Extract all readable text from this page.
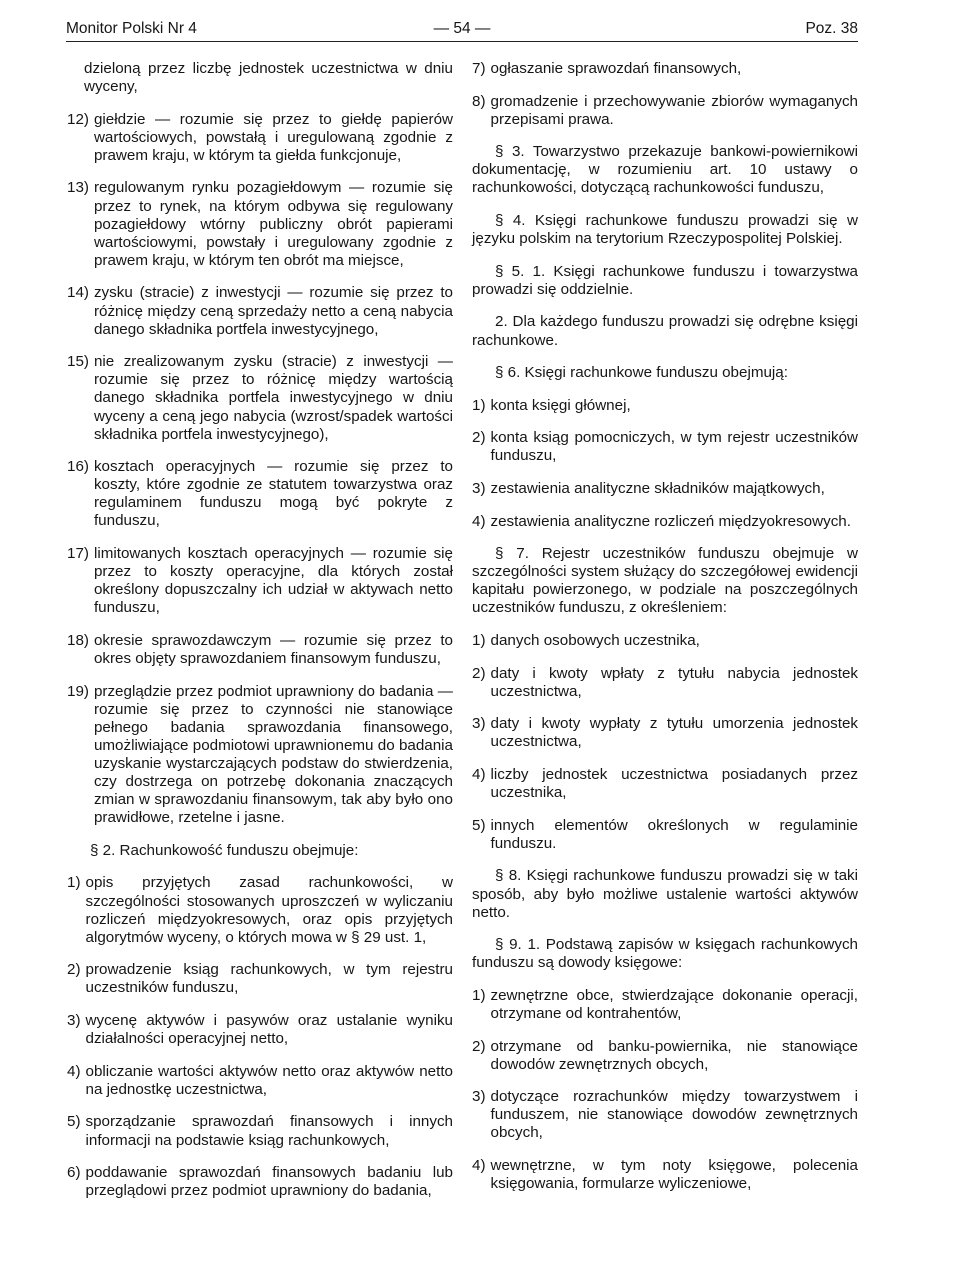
Monitor Polski Nr 4	— 54 —	Poz. 38

dzieloną przez liczbę jednostek uczestnictwa w dniu wyceny,

12) giełdzie — rozumie się przez to giełdę papierów wartościowych, powstałą i uregulowaną zgodnie z prawem kraju, w którym ta giełda funkcjonuje,
13) regulowanym rynku pozagiełdowym — rozumie się przez to rynek, na którym odbywa się regulowany pozagiełdowy wtórny publiczny obrót papierami wartościowymi, powstały i uregulowany zgodnie z prawem kraju, w którym ten obrót ma miejsce,
14) zysku (stracie) z inwestycji — rozumie się przez to różnicę między ceną sprzedaży netto a ceną nabycia danego składnika portfela inwestycyjnego,
15) nie zrealizowanym zysku (stracie) z inwestycji — rozumie się przez to różnicę między wartością danego składnika portfela inwestycyjnego w dniu wyceny a ceną jego nabycia (wzrost/spadek wartości składnika portfela inwestycyjnego),
16) kosztach operacyjnych — rozumie się przez to koszty, które zgodnie ze statutem towarzystwa oraz regulaminem funduszu mogą być pokryte z funduszu,
17) limitowanych kosztach operacyjnych — rozumie się przez to koszty operacyjne, dla których został określony dopuszczalny ich udział w aktywach netto funduszu,
18) okresie sprawozdawczym — rozumie się przez to okres objęty sprawozdaniem finansowym funduszu,
19) przeglądzie przez podmiot uprawniony do badania — rozumie się przez to czynności nie stanowiące pełnego badania sprawozdania finansowego, umożliwiające podmiotowi uprawnionemu do badania uzyskanie wystarczających podstaw do stwierdzenia, czy dostrzega on potrzebę dokonania znaczących zmian w sprawozdaniu finansowym, tak aby było ono prawidłowe, rzetelne i jasne.

§ 2. Rachunkowość funduszu obejmuje:

1) opis przyjętych zasad rachunkowości, w szczególności stosowanych uproszczeń w wyliczaniu rozliczeń międzyokresowych, oraz opis przyjętych algorytmów wyceny, o których mowa w § 29 ust. 1,
2) prowadzenie ksiąg rachunkowych, w tym rejestru uczestników funduszu,
3) wycenę aktywów i pasywów oraz ustalanie wyniku działalności operacyjnej netto,
4) obliczanie wartości aktywów netto oraz aktywów netto na jednostkę uczestnictwa,
5) sporządzanie sprawozdań finansowych i innych informacji na podstawie ksiąg rachunkowych,
6) poddawanie sprawozdań finansowych badaniu lub przeglądowi przez podmiot uprawniony do badania,
7) ogłaszanie sprawozdań finansowych,
8) gromadzenie i przechowywanie zbiorów wymaganych przepisami prawa.

§ 3. Towarzystwo przekazuje bankowi-powiernikowi dokumentację, w rozumieniu art. 10 ustawy o rachunkowości, dotyczącą rachunkowości funduszu,

§ 4. Księgi rachunkowe funduszu prowadzi się w języku polskim na terytorium Rzeczypospolitej Polskiej.

§ 5. 1. Księgi rachunkowe funduszu i towarzystwa prowadzi się oddzielnie.

2. Dla każdego funduszu prowadzi się odrębne księgi rachunkowe.

§ 6. Księgi rachunkowe funduszu obejmują:

1) konta księgi głównej,
2) konta ksiąg pomocniczych, w tym rejestr uczestników funduszu,
3) zestawienia analityczne składników majątkowych,
4) zestawienia analityczne rozliczeń międzyokresowych.

§ 7. Rejestr uczestników funduszu obejmuje w szczególności system służący do szczegółowej ewidencji kapitału powierzonego, w podziale na poszczególnych uczestników funduszu, z określeniem:

1) danych osobowych uczestnika,
2) daty i kwoty wpłaty z tytułu nabycia jednostek uczestnictwa,
3) daty i kwoty wypłaty z tytułu umorzenia jednostek uczestnictwa,
4) liczby jednostek uczestnictwa posiadanych przez uczestnika,
5) innych elementów określonych w regulaminie funduszu.

§ 8. Księgi rachunkowe funduszu prowadzi się w taki sposób, aby było możliwe ustalenie wartości aktywów netto.

§ 9. 1. Podstawą zapisów w księgach rachunkowych funduszu są dowody księgowe:

1) zewnętrzne obce, stwierdzające dokonanie operacji, otrzymane od kontrahentów,
2) otrzymane od banku-powiernika, nie stanowiące dowodów zewnętrznych obcych,
3) dotyczące rozrachunków między towarzystwem i funduszem, nie stanowiące dowodów zewnętrznych obcych,
4) wewnętrzne, w tym noty księgowe, polecenia księgowania, formularze wyliczeniowe,
